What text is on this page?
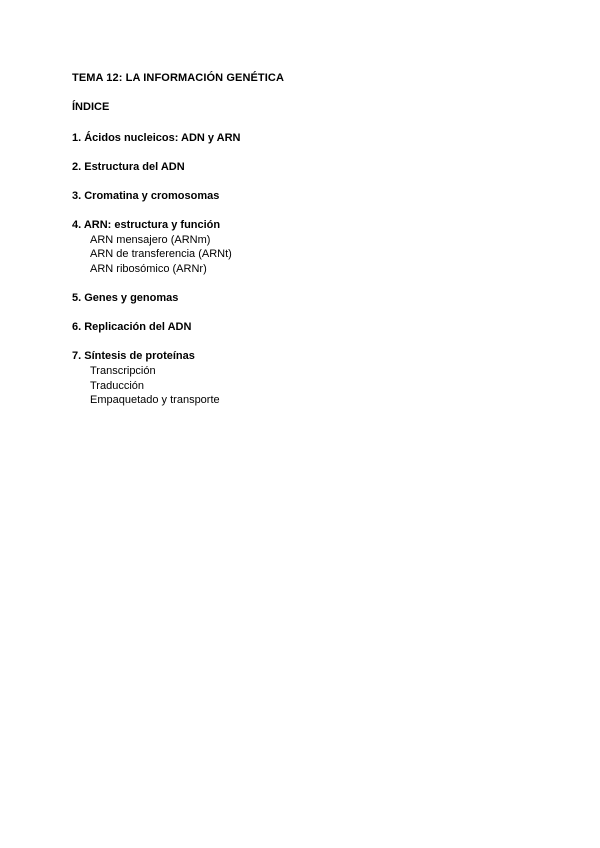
TEMA 12: LA INFORMACIÓN GENÉTICA
ÍNDICE
1. Ácidos nucleicos: ADN y ARN
2. Estructura del ADN
3. Cromatina y cromosomas
4. ARN: estructura y función
ARN mensajero (ARNm)
ARN de transferencia (ARNt)
ARN ribosómico (ARNr)
5. Genes y genomas
6. Replicación del ADN
7. Síntesis de proteínas
Transcripción
Traducción
Empaquetado y transporte
